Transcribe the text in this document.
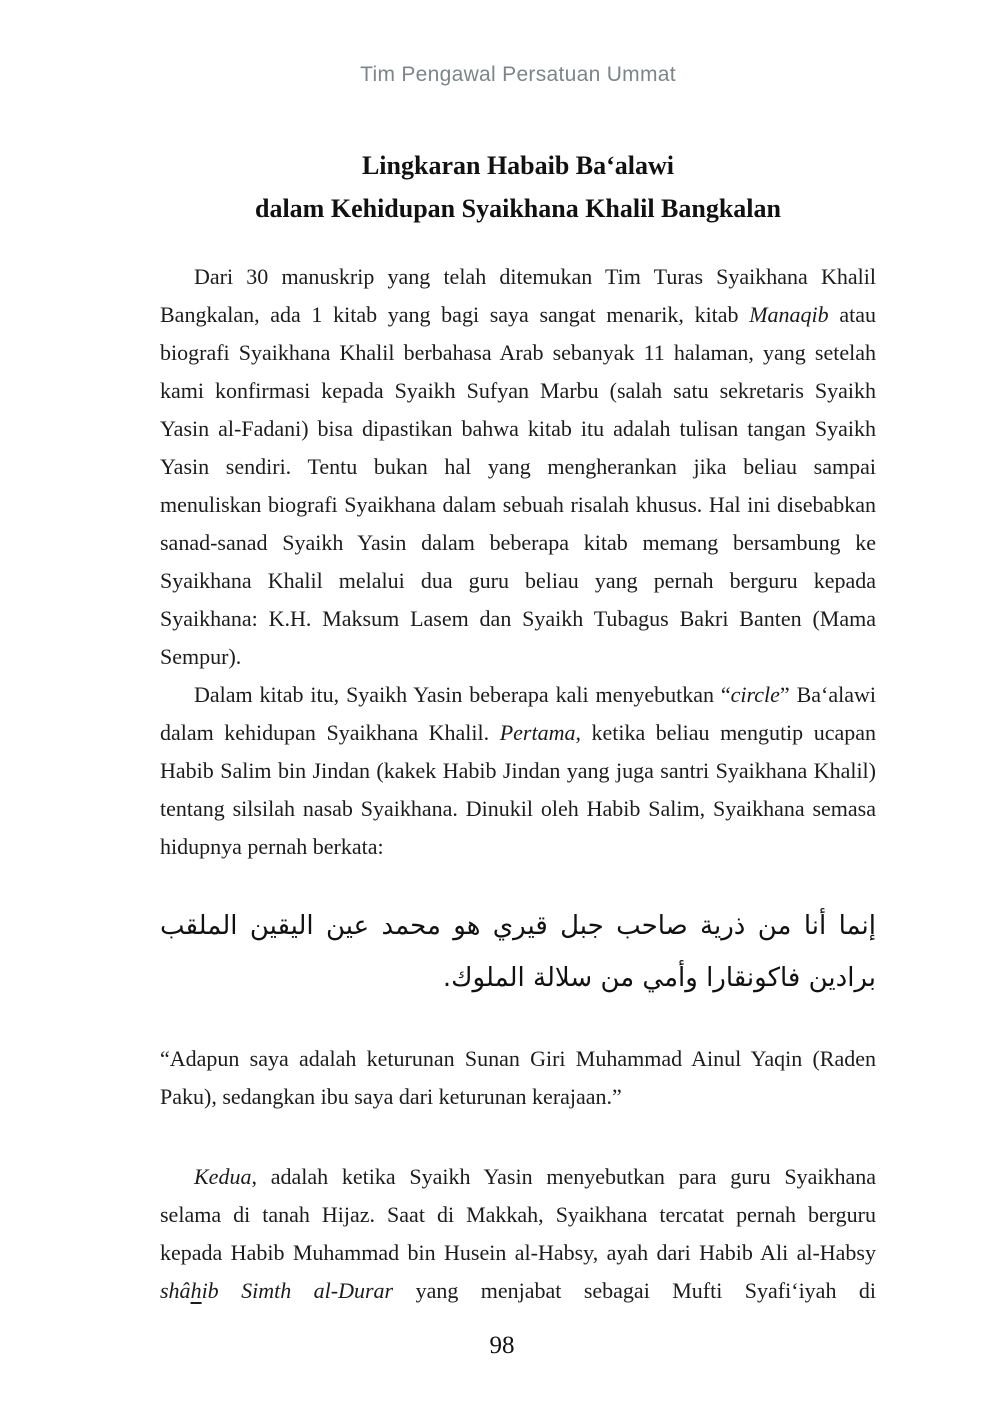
Tim Pengawal Persatuan Ummat
Lingkaran Habaib Ba‘alawi
dalam Kehidupan Syaikhana Khalil Bangkalan

Dari 30 manuskrip yang telah ditemukan Tim Turas Syaikhana Khalil Bangkalan, ada 1 kitab yang bagi saya sangat menarik, kitab Manaqib atau biografi Syaikhana Khalil berbahasa Arab sebanyak 11 halaman, yang setelah kami konfirmasi kepada Syaikh Sufyan Marbu (salah satu sekretaris Syaikh Yasin al-Fadani) bisa dipastikan bahwa kitab itu adalah tulisan tangan Syaikh Yasin sendiri. Tentu bukan hal yang mengherankan jika beliau sampai menuliskan biografi Syaikhana dalam sebuah risalah khusus. Hal ini disebabkan sanad-sanad Syaikh Yasin dalam beberapa kitab memang bersambung ke Syaikhana Khalil melalui dua guru beliau yang pernah berguru kepada Syaikhana: K.H. Maksum Lasem dan Syaikh Tubagus Bakri Banten (Mama Sempur).

Dalam kitab itu, Syaikh Yasin beberapa kali menyebutkan “circle” Ba‘alawi dalam kehidupan Syaikhana Khalil. Pertama, ketika beliau mengutip ucapan Habib Salim bin Jindan (kakek Habib Jindan yang juga santri Syaikhana Khalil) tentang silsilah nasab Syaikhana. Dinukil oleh Habib Salim, Syaikhana semasa hidupnya pernah berkata:

إنما أنا من ذرية صاحب جبل قيري هو محمد عين اليقين الملقب برادين فاكونقارا وأمي من سلالة الملوك.

“Adapun saya adalah keturunan Sunan Giri Muhammad Ainul Yaqin (Raden Paku), sedangkan ibu saya dari keturunan kerajaan.”

Kedua, adalah ketika Syaikh Yasin menyebutkan para guru Syaikhana selama di tanah Hijaz. Saat di Makkah, Syaikhana tercatat pernah berguru kepada Habib Muhammad bin Husein al-Habsy, ayah dari Habib Ali al-Habsy shâhib Simth al-Durar yang menjabat sebagai Mufti Syafi‘iyah di

98
